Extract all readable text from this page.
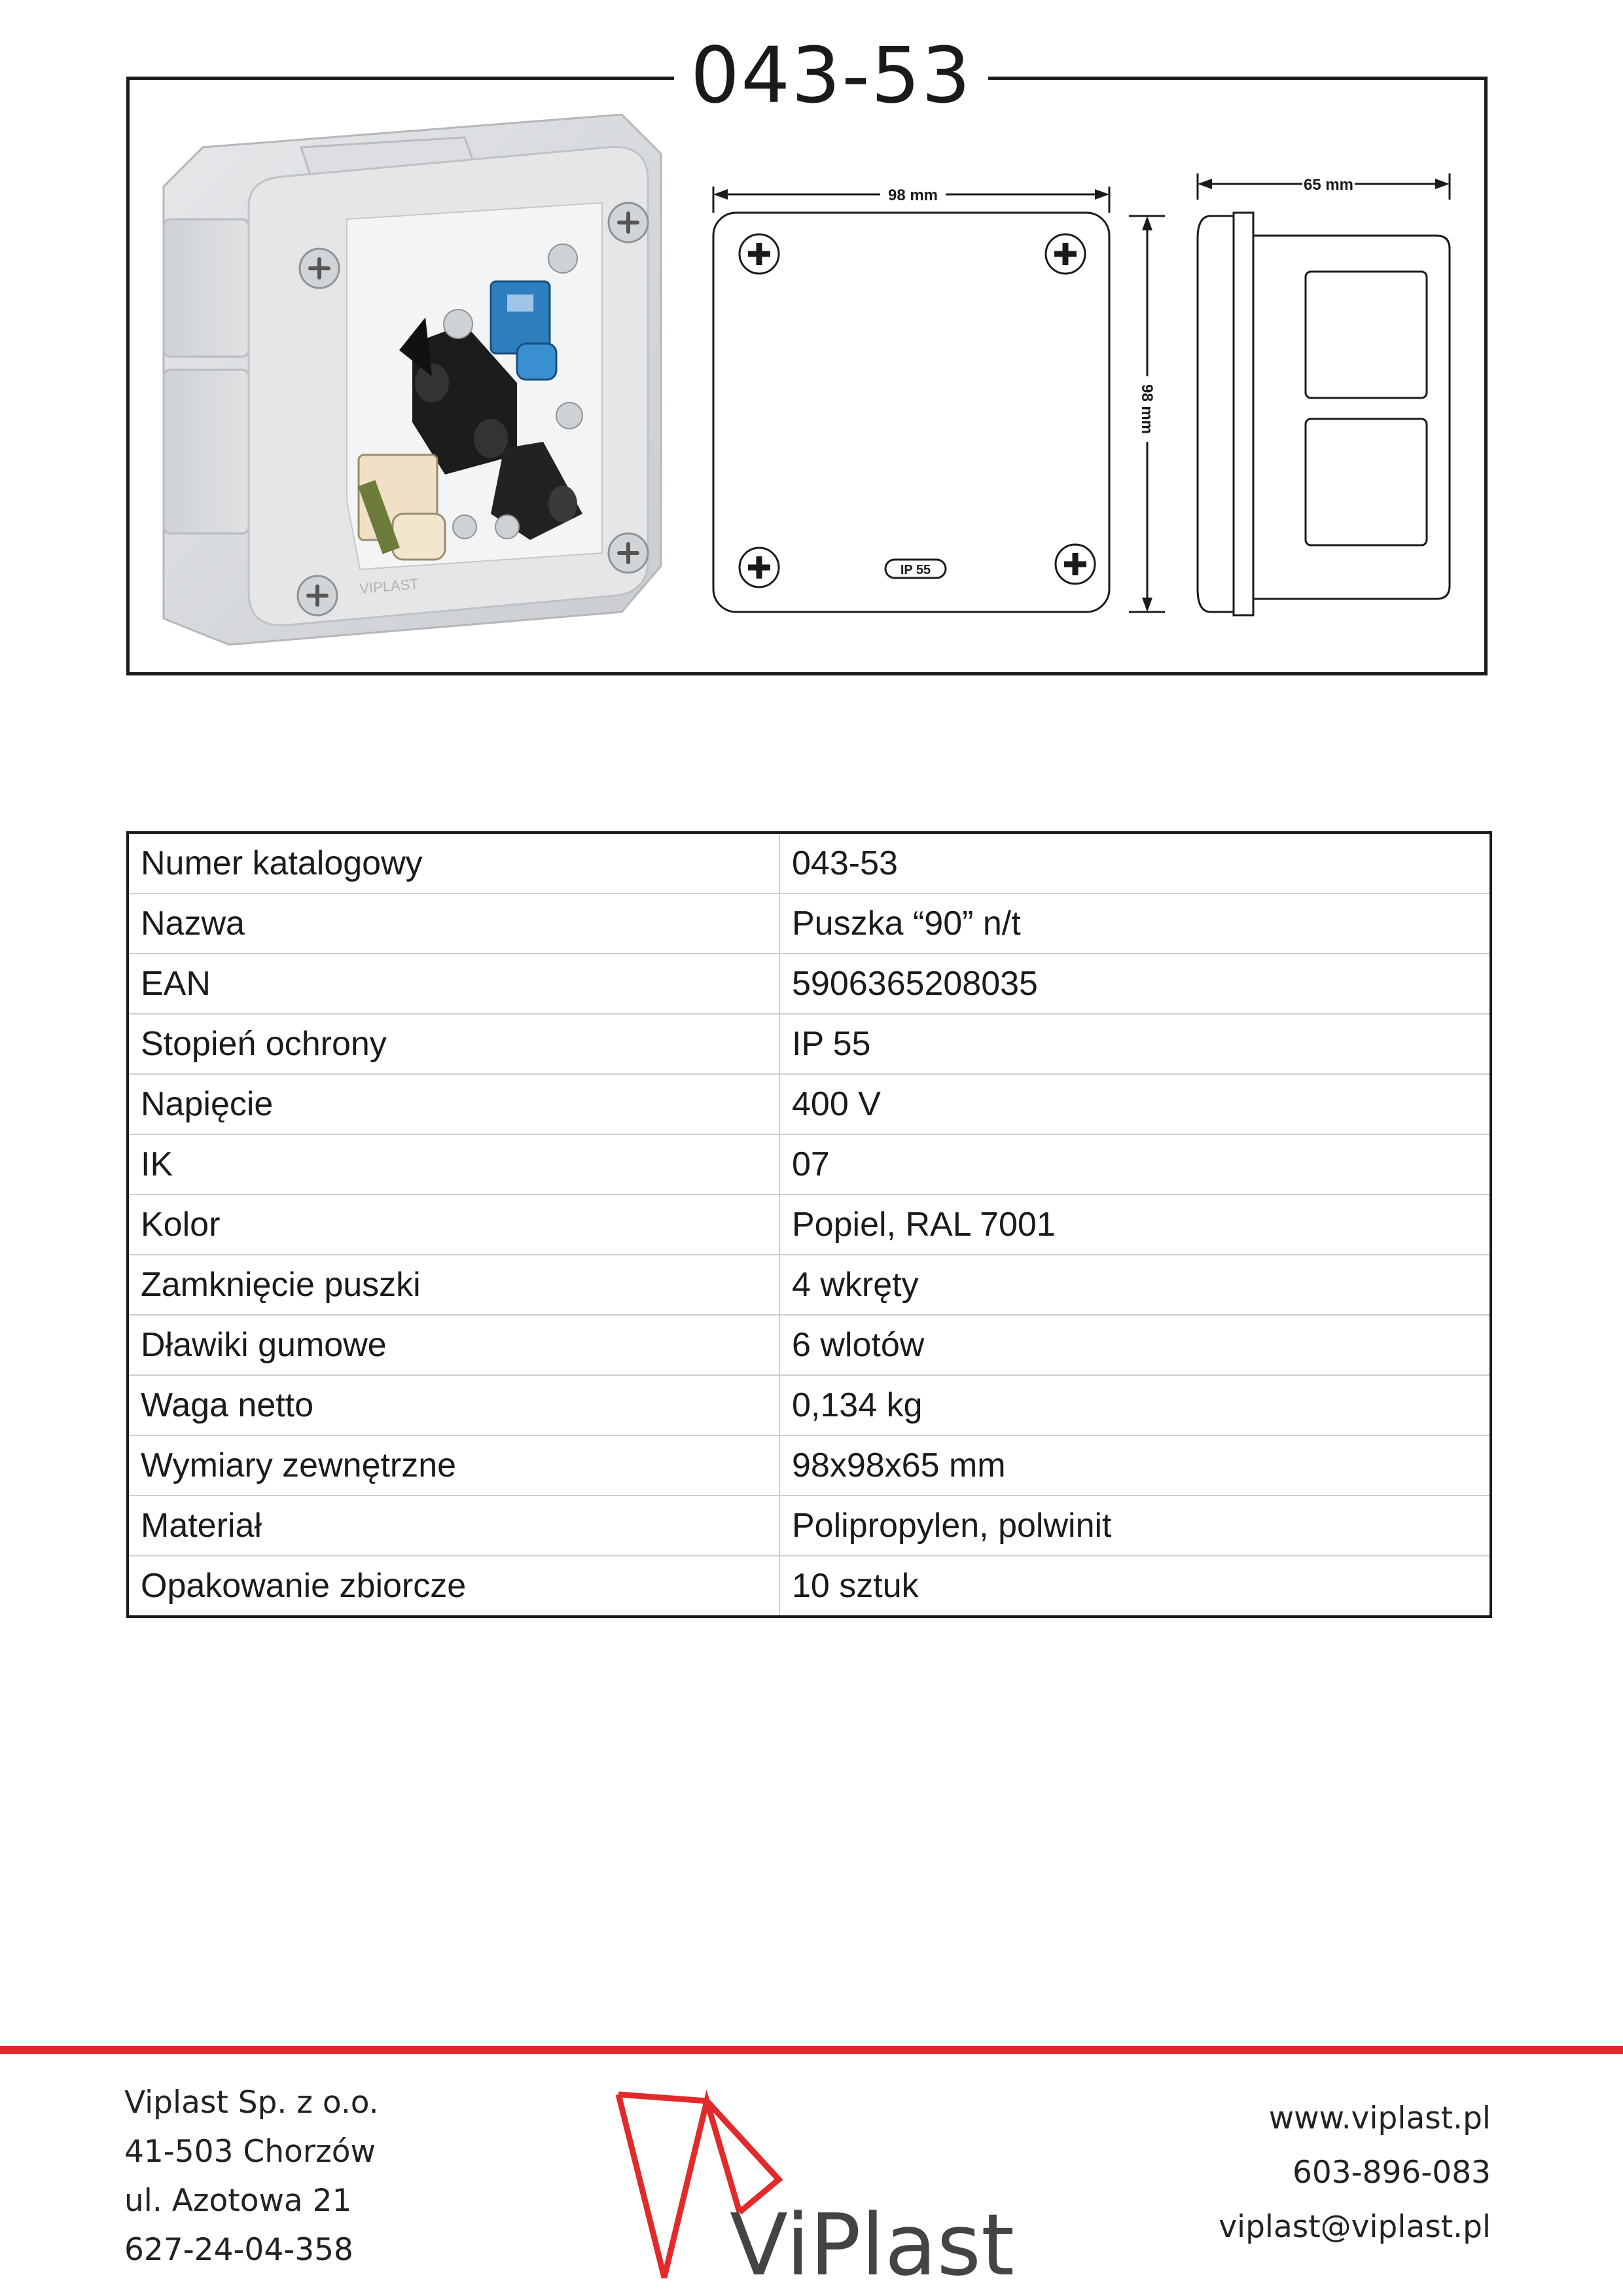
043-53
VIPLAST
98 mm
98 mm
IP 55
65 mm
Numer katalogowy	043-53
Nazwa	Puszka “90” n/t
EAN	5906365208035
Stopień ochrony	IP 55
Napięcie	400 V
IK	07
Kolor	Popiel, RAL 7001
Zamknięcie puszki	4 wkręty
Dławiki gumowe	6 wlotów
Waga netto	0,134 kg
Wymiary zewnętrzne	98x98x65 mm
Materiał	Polipropylen, polwinit
Opakowanie zbiorcze	10 sztuk
Viplast Sp. z o.o.
41-503 Chorzów
ul. Azotowa 21
627-24-04-358	ViPlast
www.viplast.pl
603-896-083
viplast@viplast.pl
